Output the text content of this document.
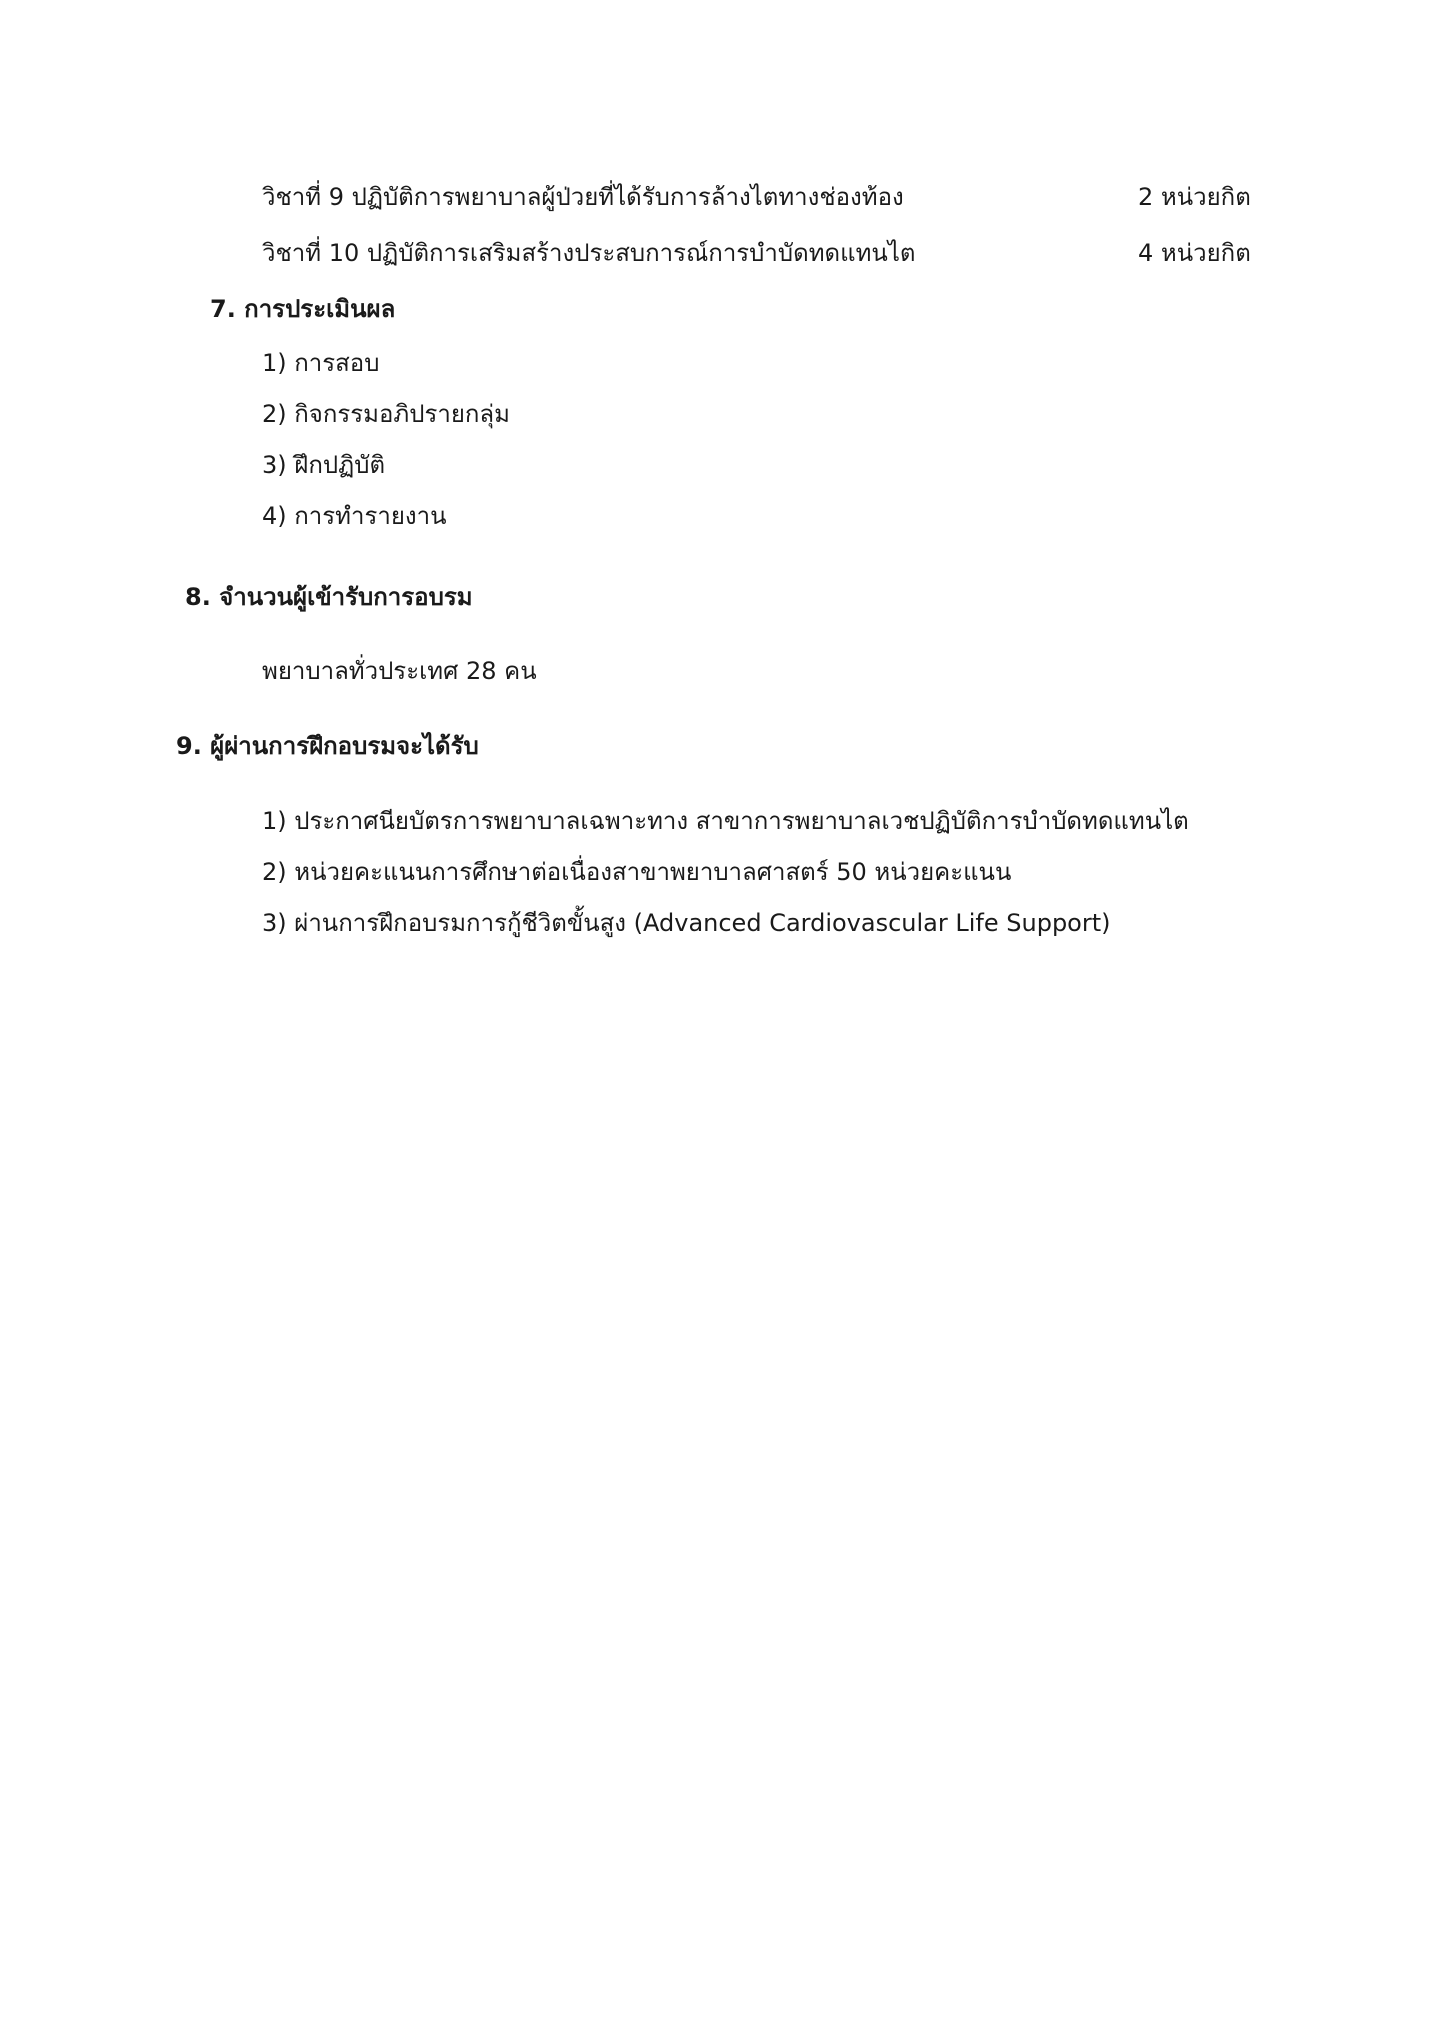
วิชาที่ 9 ปฏิบัติการพยาบาลผู้ป่วยที่ได้รับการล้างไตทางช่องท้อง	2 หน่วยกิต
วิชาที่ 10 ปฏิบัติการเสริมสร้างประสบการณ์การบำบัดทดแทนไต	4 หน่วยกิต
7. การประเมินผล
1) การสอบ
2) กิจกรรมอภิปรายกลุ่ม
3) ฝึกปฏิบัติ
4) การทำรายงาน
8. จำนวนผู้เข้ารับการอบรม
พยาบาลทั่วประเทศ 28 คน
9. ผู้ผ่านการฝึกอบรมจะได้รับ
1) ประกาศนียบัตรการพยาบาลเฉพาะทาง สาขาการพยาบาลเวชปฏิบัติการบำบัดทดแทนไต
2) หน่วยคะแนนการศึกษาต่อเนื่องสาขาพยาบาลศาสตร์ 50 หน่วยคะแนน
3) ผ่านการฝึกอบรมการกู้ชีวิตขั้นสูง (Advanced Cardiovascular Life Support)
